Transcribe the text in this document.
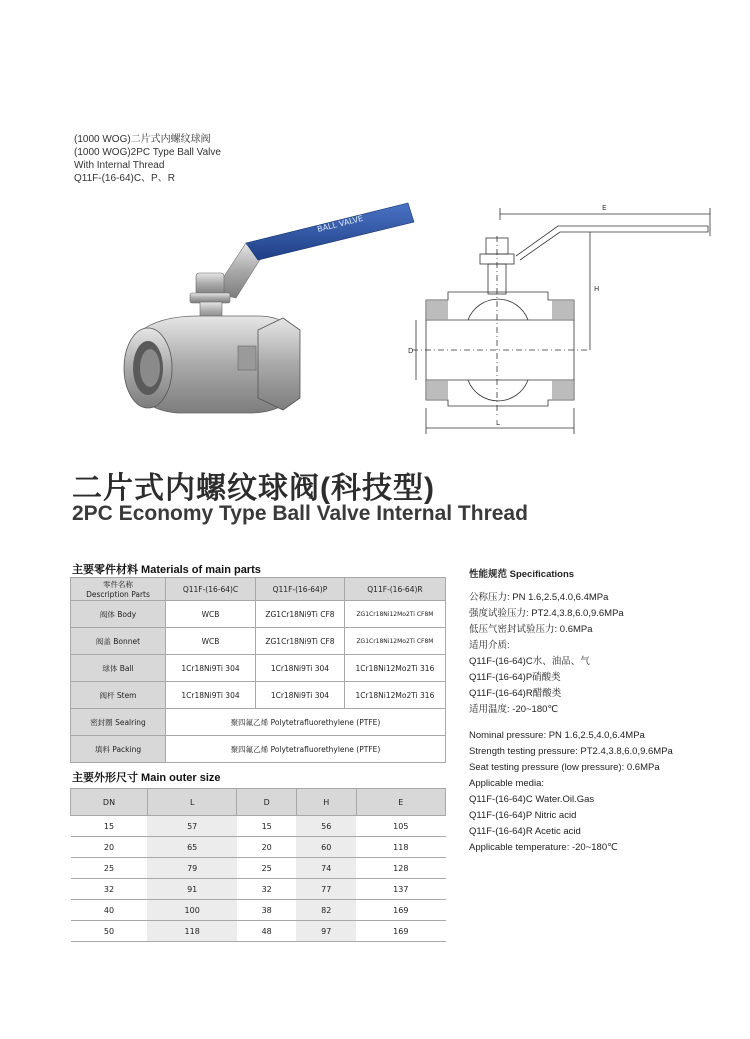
(1000 WOG)二片式内螺纹球阀
(1000 WOG)2PC Type Ball Valve
With Internal Thread
Q11F-(16-64)C、P、R
BALL VALVE
E
H
D
L
二片式内螺纹球阀(科技型)
2PC Economy Type Ball Valve Internal Thread
主要零件材料 Materials of main parts
零件名称
Description Parts	Q11F-(16-64)C	Q11F-(16-64)P	Q11F-(16-64)R
阀体 Body	WCB	ZG1Cr18Ni9Ti CF8	ZG1Cr18Ni12Mo2Ti CF8M
阀盖 Bonnet	WCB	ZG1Cr18Ni9Ti CF8	ZG1Cr18Ni12Mo2Ti CF8M
球体 Ball	1Cr18Ni9Ti 304	1Cr18Ni9Ti 304	1Cr18Ni12Mo2Ti 316
阀杆 Stem	1Cr18Ni9Ti 304	1Cr18Ni9Ti 304	1Cr18Ni12Mo2Ti 316
密封圈 Sealring	聚四氟乙烯 Polytetrafluorethylene (PTFE)		
填料 Packing	聚四氟乙烯 Polytetrafluorethylene (PTFE)		
主要外形尺寸 Main outer size
DN	L	D	H	E
15	57	15	56	105
20	65	20	60	118
25	79	25	74	128
32	91	32	77	137
40	100	38	82	169
50	118	48	97	169
性能规范 Specifications
公称压力: PN 1.6,2.5,4.0,6.4MPa
强度试验压力: PT2.4,3.8,6.0,9.6MPa
低压气密封试验压力: 0.6MPa
适用介质:
Q11F-(16-64)C水、油品、气
Q11F-(16-64)P硝酸类
Q11F-(16-64)R醋酸类
适用温度: -20~180℃
Nominal pressure: PN 1.6,2.5,4.0,6.4MPa
Strength testing pressure: PT2.4,3.8,6.0,9.6MPa
Seat testing pressure (low pressure): 0.6MPa
Applicable media:
Q11F-(16-64)C Water.Oil.Gas
Q11F-(16-64)P Nitric acid
Q11F-(16-64)R Acetic acid
Applicable temperature: -20~180℃
